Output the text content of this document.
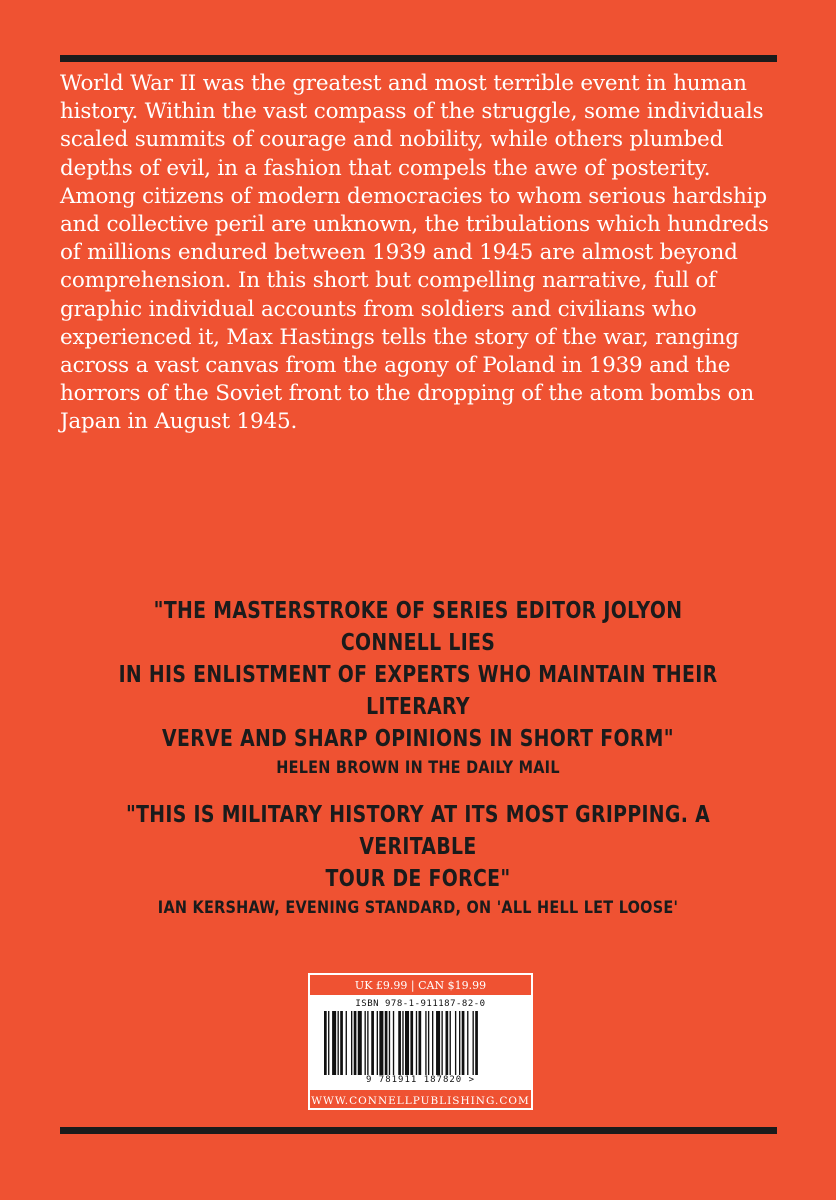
World War II was the greatest and most terrible event in human history. Within the vast compass of the struggle, some individuals scaled summits of courage and nobility, while others plumbed depths of evil, in a fashion that compels the awe of posterity. Among citizens of modern democracies to whom serious hardship and collective peril are unknown, the tribulations which hundreds of millions endured between 1939 and 1945 are almost beyond comprehension. In this short but compelling narrative, full of graphic individual accounts from soldiers and civilians who experienced it, Max Hastings tells the story of the war, ranging across a vast canvas from the agony of Poland in 1939 and the horrors of the Soviet front to the dropping of the atom bombs on Japan in August 1945.

"THE MASTERSTROKE OF SERIES EDITOR JOLYON CONNELL LIES
IN HIS ENLISTMENT OF EXPERTS WHO MAINTAIN THEIR LITERARY
VERVE AND SHARP OPINIONS IN SHORT FORM"
HELEN BROWN IN THE DAILY MAIL
"THIS IS MILITARY HISTORY AT ITS MOST GRIPPING. A VERITABLE
TOUR DE FORCE"
IAN KERSHAW, EVENING STANDARD, ON 'ALL HELL LET LOOSE'
UK £9.99 | CAN $19.99
ISBN 978-1-911187-82-0
9 781911 187820 >
WWW.CONNELLPUBLISHING.COM
